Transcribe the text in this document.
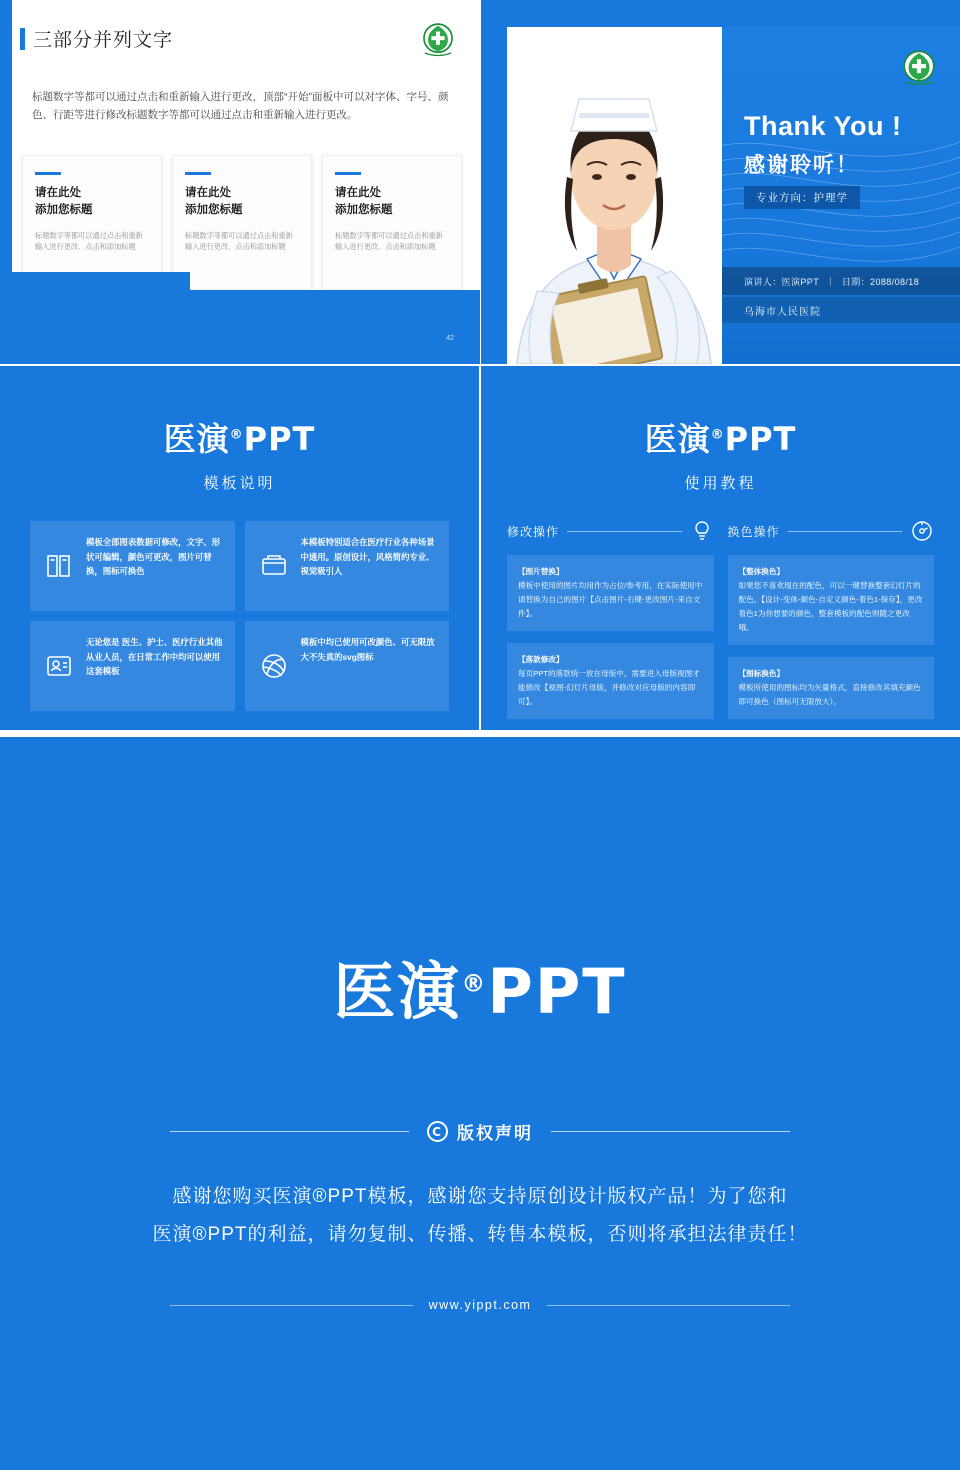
三部分并列文字
标题数字等都可以通过点击和重新输入进行更改，顶部“开始”面板中可以对字体、字号、颜色、行距等进行修改标题数字等都可以通过点击和重新输入进行更改。
请在此处
添加您标题

标题数字等都可以通过点击和重新输入进行更改．点击和添加标题

请在此处
添加您标题

标题数字等都可以通过点击和重新输入进行更改．点击和添加标题

请在此处
添加您标题

标题数字等都可以通过点击和重新输入进行更改．点击和添加标题

42
Thank You !
感谢聆听！
专业方向：护理学
演讲人：医演PPT | 日期：2088/08/18
乌海市人民医院
医演®PPT
模板说明
模板全部图表数据可修改，文字、形状可编辑，颜色可更改，图片可替换，图标可换色
本模板特别适合在医疗行业各种场景中通用。原创设计，风格简约专业、视觉吸引人
无论您是 医生、护士、医疗行业其他从业人员，在日常工作中均可以使用这套模板
模板中均已使用可改颜色、可无限放大不失真的svg图标
医演®PPT
使用教程
修改操作
【图片替换】
模板中使用的图片均用作为占位/参考用，在实际使用中请替换为自己的图片【点击图片-右键-更改图片-来自文件】。
【落款修改】
每页PPT的落款统一放在母版中，需要进入母版视图才能修改【视图-幻灯片母版，并修改对应母版的内容即可】。
换色操作
【整体换色】
如果您不喜欢现在的配色，可以一键替换整套幻灯片的配色。【设计-变体-颜色-自定义颜色-着色1-保存】，更改着色1为你想要的颜色，整套模板的配色则随之更改哦。
【图标换色】
模板所使用的图标均为矢量格式，直接修改其填充颜色即可换色（图标可无限放大）。
医演®PPT
C 版权声明
感谢您购买医演®PPT模板，感谢您支持原创设计版权产品！为了您和
医演®PPT的利益，请勿复制、传播、转售本模板，否则将承担法律责任！
www.yippt.com
